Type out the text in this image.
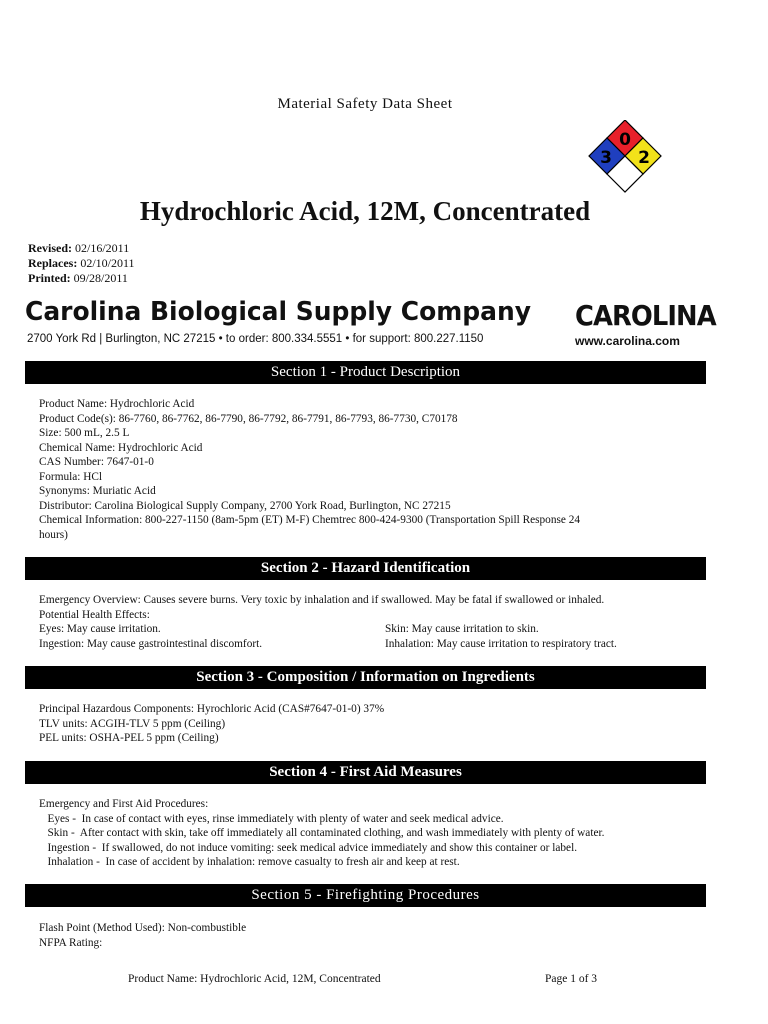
Material Safety Data Sheet
0
3 2
Hydrochloric Acid, 12M, Concentrated
Revised: 02/16/2011
Replaces: 02/10/2011
Printed: 09/28/2011
Carolina Biological Supply Company
2700 York Rd | Burlington, NC 27215 • to order: 800.334.5551 • for support: 800.227.1150
CAROLINA
www.carolina.com
Section 1 - Product Description
Product Name: Hydrochloric Acid
Product Code(s): 86-7760, 86-7762, 86-7790, 86-7792, 86-7791, 86-7793, 86-7730, C70178
Size: 500 mL, 2.5 L
Chemical Name: Hydrochloric Acid
CAS Number: 7647-01-0
Formula: HCl
Synonyms: Muriatic Acid
Distributor: Carolina Biological Supply Company, 2700 York Road, Burlington, NC 27215
Chemical Information: 800-227-1150 (8am-5pm (ET) M-F) Chemtrec 800-424-9300 (Transportation Spill Response 24
hours)
Section 2 - Hazard Identification
Emergency Overview: Causes severe burns. Very toxic by inhalation and if swallowed. May be fatal if swallowed or inhaled.
Potential Health Effects:
Eyes: May cause irritation.	Skin: May cause irritation to skin.
Ingestion: May cause gastrointestinal discomfort.	Inhalation: May cause irritation to respiratory tract.
Section 3 - Composition / Information on Ingredients
Principal Hazardous Components: Hyrochloric Acid (CAS#7647-01-0) 37%
TLV units: ACGIH-TLV 5 ppm (Ceiling)
PEL units: OSHA-PEL 5 ppm (Ceiling)
Section 4 - First Aid Measures
Emergency and First Aid Procedures:
Eyes -  In case of contact with eyes, rinse immediately with plenty of water and seek medical advice.
Skin -  After contact with skin, take off immediately all contaminated clothing, and wash immediately with plenty of water.
Ingestion -  If swallowed, do not induce vomiting: seek medical advice immediately and show this container or label.
Inhalation -  In case of accident by inhalation: remove casualty to fresh air and keep at rest.
Section 5 - Firefighting Procedures
Flash Point (Method Used): Non-combustible
NFPA Rating:
Product Name: Hydrochloric Acid, 12M, Concentrated	Page 1 of 3
